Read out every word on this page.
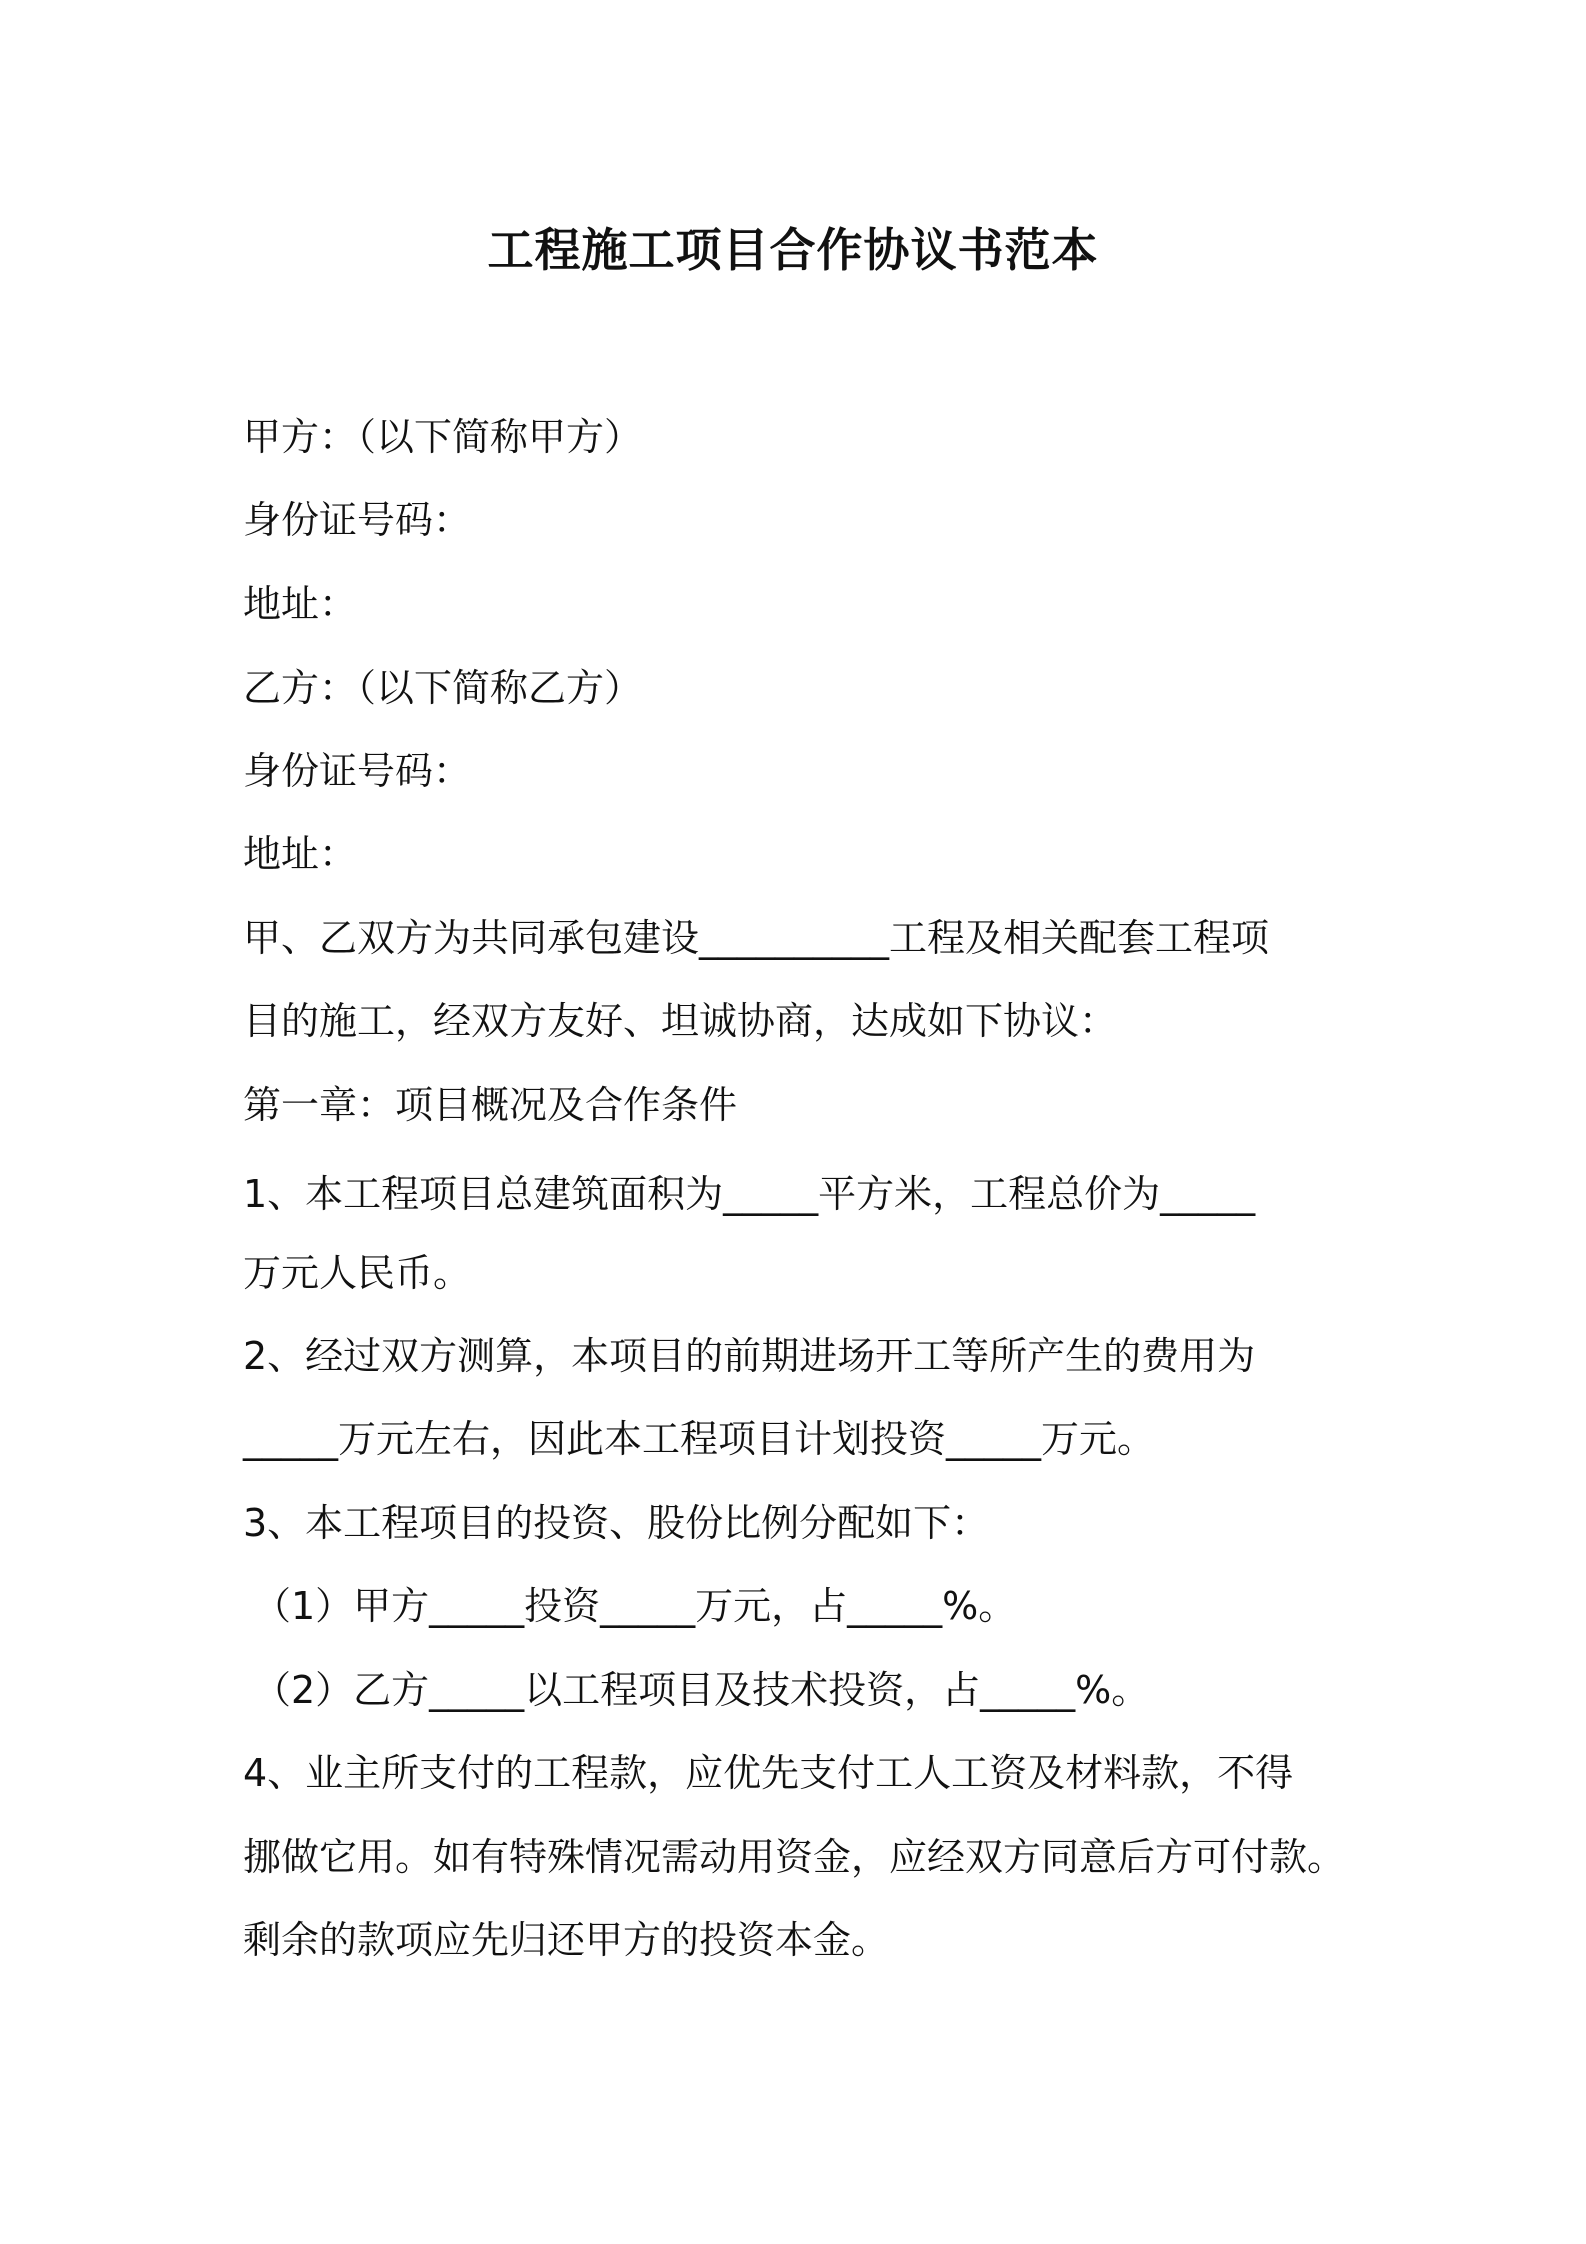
工程施工项目合作协议书范本

甲方：（以下简称甲方）

身份证号码：

地址：

乙方：（以下简称乙方）

身份证号码：

地址：

甲、乙双方为共同承包建设__________工程及相关配套工程项

目的施工，经双方友好、坦诚协商，达成如下协议：

第一章：项目概况及合作条件

1、本工程项目总建筑面积为_____平方米，工程总价为_____

万元人民币。

2、经过双方测算，本项目的前期进场开工等所产生的费用为

_____万元左右，因此本工程项目计划投资_____万元。

3、本工程项目的投资、股份比例分配如下：

（1）甲方_____投资_____万元，占_____%。

（2）乙方_____以工程项目及技术投资，占_____%。

4、业主所支付的工程款，应优先支付工人工资及材料款，不得

挪做它用。如有特殊情况需动用资金，应经双方同意后方可付款。

剩余的款项应先归还甲方的投资本金。
